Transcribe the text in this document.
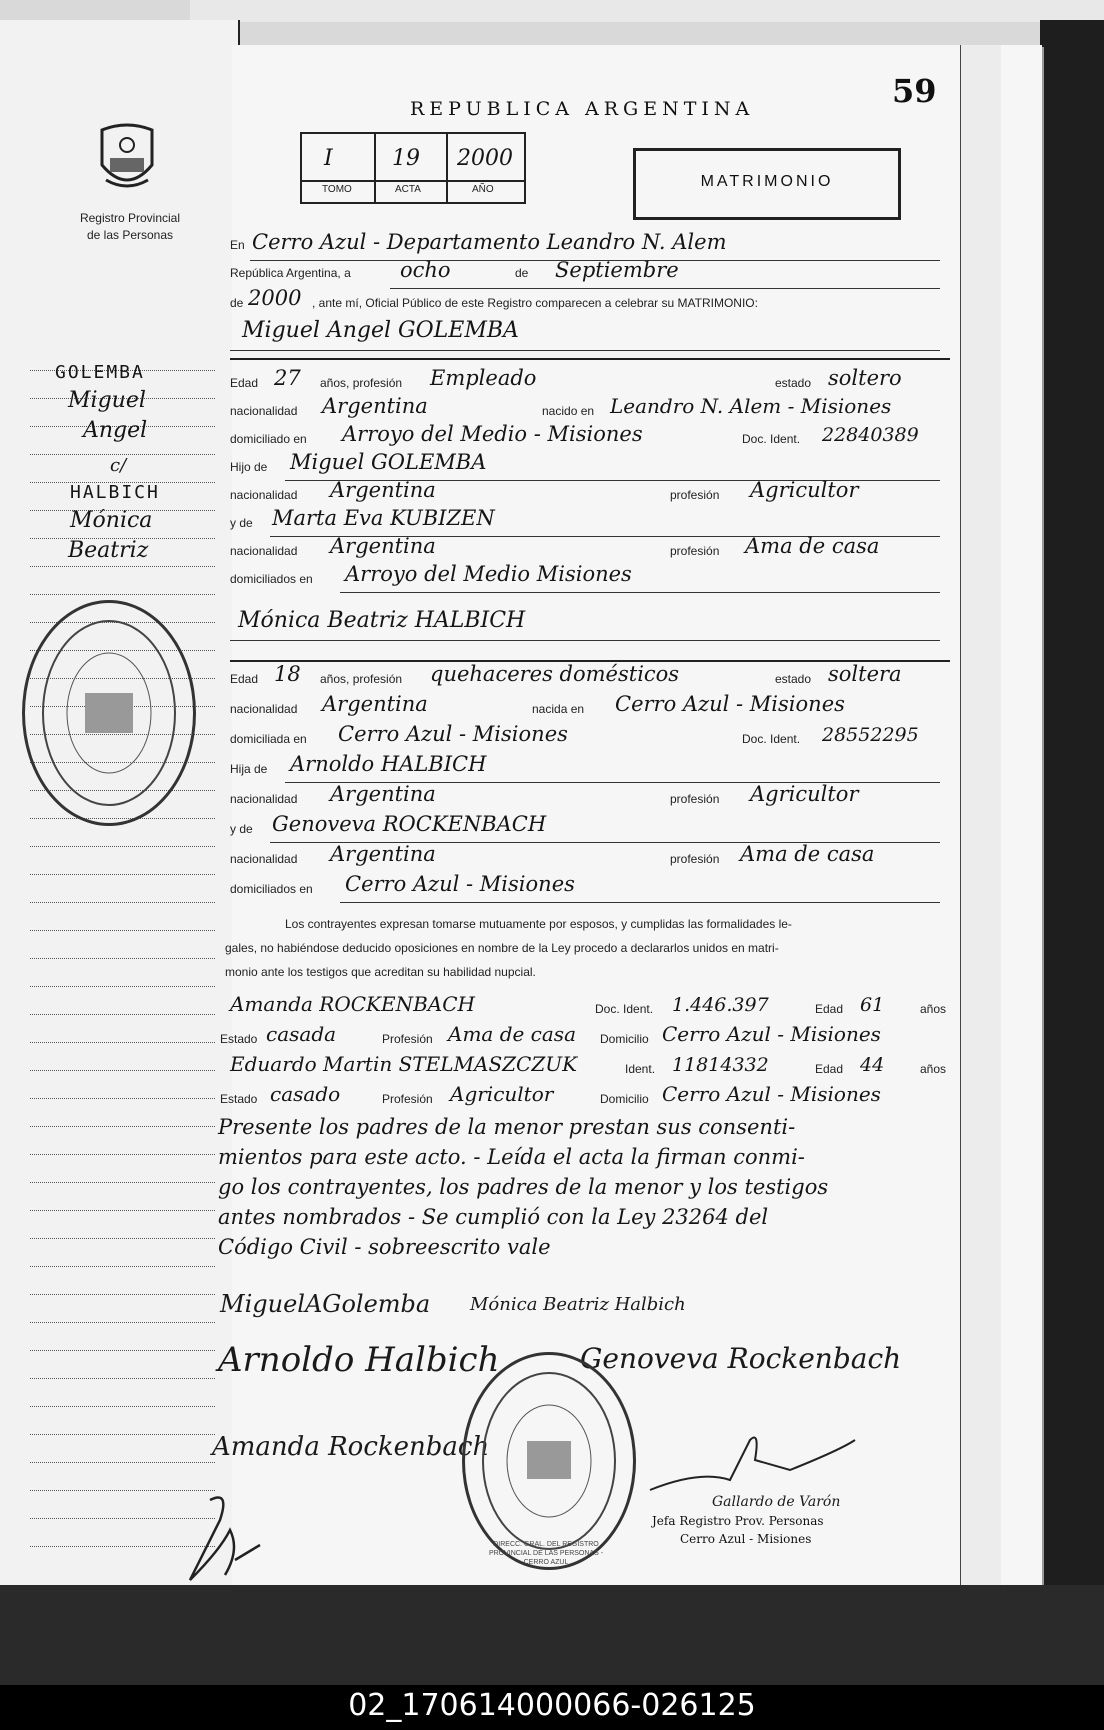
Registro Provincial
de las Personas
GOLEMBA
Miguel
Angel
c/
HALBICH
Mónica
Beatriz
REPUBLICA ARGENTINA	59
I	19 2000
TOMO	ACTA	AÑO	MATRIMONIO
En Cerro Azul - Departamento Leandro N. Alem
República Argentina, a ocho	de Septiembre
de 2000 , ante mí, Oficial Público de este Registro comparecen a celebrar su MATRIMONIO:
Miguel Angel GOLEMBA
Edad 27 años, profesión Empleado	estado soltero
nacionalidad Argentina	nacido en Leandro N. Alem - Misiones
domiciliado en Arroyo del Medio - Misiones	Doc. Ident. 22840389
Hijo de Miguel GOLEMBA
nacionalidad Argentina	profesión Agricultor
y de Marta Eva KUBIZEN
nacionalidad Argentina	profesión Ama de casa
domiciliados en Arroyo del Medio Misiones
Mónica Beatriz HALBICH
Edad 18 años, profesión quehaceres domésticos	estado soltera
nacionalidad Argentina	nacida en Cerro Azul - Misiones
domiciliada en Cerro Azul - Misiones	Doc. Ident. 28552295
Hija de Arnoldo HALBICH
nacionalidad Argentina	profesión Agricultor
y de Genoveva ROCKENBACH
nacionalidad Argentina	profesión Ama de casa
domiciliados en Cerro Azul - Misiones
Los contrayentes expresan tomarse mutuamente por esposos, y cumplidas las formalidades le-
gales, no habiéndose deducido oposiciones en nombre de la Ley procedo a declararlos unidos en matri-
monio ante los testigos que acreditan su habilidad nupcial.
Amanda ROCKENBACH	Doc. Ident. 1.446.397	Edad 61	años
Estado casada	Profesión Ama de casa Domicilio Cerro Azul - Misiones
Eduardo Martin STELMASZCZUK	Ident. 11814332	Edad 44	años
Estado casado	Profesión Agricultor	Domicilio Cerro Azul - Misiones
Presente los padres de la menor prestan sus consenti-
mientos para este acto. - Leída el acta la firman conmi-
go los contrayentes, los padres de la menor y los testigos
antes nombrados - Se cumplió con la Ley 23264 del
Código Civil - sobreescrito vale
MiguelAGolemba Mónica Beatriz Halbich
Arnoldo Halbich	Genoveva Rockenbach
Amanda Rockenbach
Gallardo de Varón
Jefa Registro Prov. Personas
Cerro Azul - Misiones
DIRECC. GRAL. DEL REGISTRO PROVINCIAL DE LAS PERSONAS - CERRO AZUL
02_170614000066-026125
